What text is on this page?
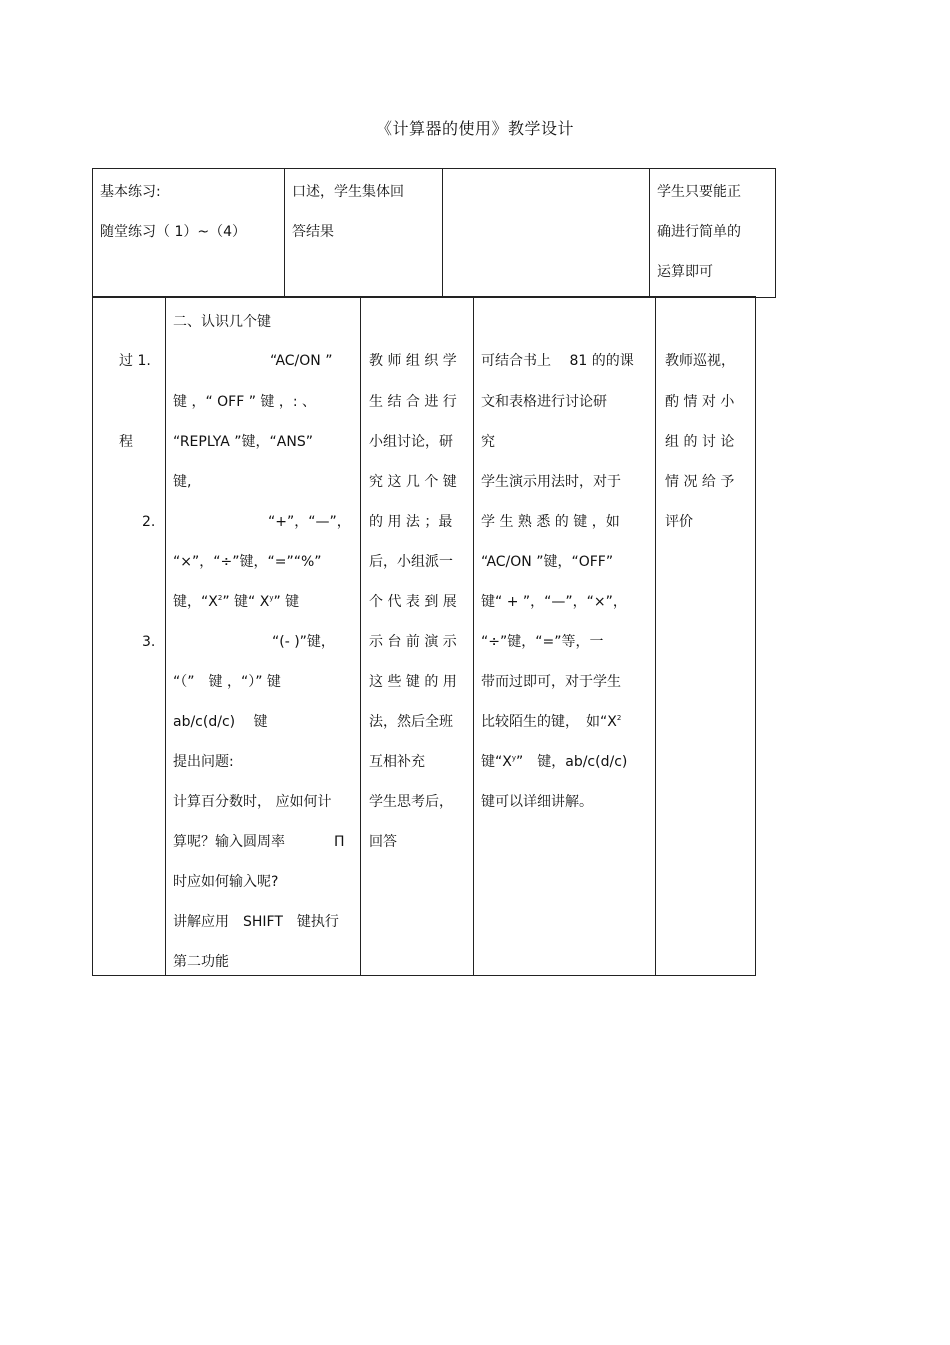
《计算器的使用》教学设计
基本练习:
随堂练习（ 1）~（4）
口述，学生集体回
答结果
学生只要能正
确进行简单的
运算即可
过 1.
程
2.
3.
二、认识几个键
“AC/ON ”
键 ，“ OFF ” 键 ，: 、
“REPLYA ”键，“ANS”
键,
“+”，“—”，
“×”，“÷”键，“=”“%”
键，“$X^2$” 键“ $X^y$” 键
“(- )”键，
“（”　键 ，“）” 键
ab/c(d/c)　 键
提出问题:
计算百分数时， 应如何计
算呢？输入圆周率	Π
时应如何输入呢?
讲解应用　SHIFT　键执行
第二功能
教 师 组 织 学
生 结 合 进 行
小组讨论，研
究 这 几 个 键
的 用 法 ；最
后，小组派一
个 代 表 到 展
示 台 前 演 示
这 些 键 的 用
法，然后全班
互相补充
学生思考后，
回答
可结合书上　 81 的的课
文和表格进行讨论研
究
学生演示用法时，对于
学 生 熟 悉 的 键 ，如
“AC/ON ”键，“OFF”
键“ + ”，“—”，“×”，
“÷”键，“=”等，一
带而过即可，对于学生
比较陌生的键，　如“$X^2$
键“$X^y$”　键，ab/c(d/c)
键可以详细讲解。
教师巡视，
酌 情 对 小
组 的 讨 论
情 况 给 予
评价
